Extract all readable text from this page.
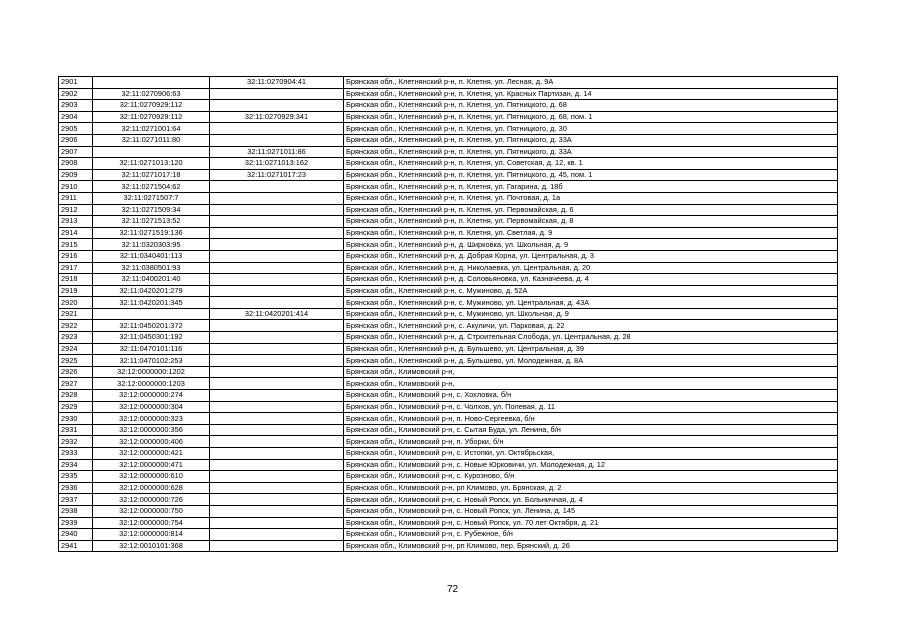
2901		32:11:0270904:41	Брянская обл., Клетнянский р-н, п. Клетня, ул. Лесная, д. 9А
2902	32:11:0270906:63		Брянская обл., Клетнянский р-н, п. Клетня, ул. Красных Партизан, д. 14
2903	32:11:0270929:112		Брянская обл., Клетнянский р-н, п. Клетня, ул. Пятницкого, д. 68
2904	32:11:0270929:112	32:11:0270929:341	Брянская обл., Клетнянский р-н, п. Клетня, ул. Пятницкого, д. 68, пом. 1
2905	32:11:0271001:64		Брянская обл., Клетнянский р-н, п. Клетня, ул. Пятницкого, д. 30
2906	32:11:0271011:80		Брянская обл., Клетнянский р-н, п. Клетня, ул. Пятницкого, д. 33А
2907		32:11:0271011:86	Брянская обл., Клетнянский р-н, п. Клетня, ул. Пятницкого, д. 33А
2908	32:11:0271013:120	32:11:0271013:162	Брянская обл., Клетнянский р-н, п. Клетня, ул. Советская, д. 12, кв. 1
2909	32:11:0271017:18	32:11:0271017:23	Брянская обл., Клетнянский р-н, п. Клетня, ул. Пятницкого, д. 45, пом. 1
2910	32:11:0271504:62		Брянская обл., Клетнянский р-н, п. Клетня, ул. Гагарина, д. 18б
2911	32:11:0271507:7		Брянская обл., Клетнянский р-н, п. Клетня, ул. Почтовая, д. 1а
2912	32:11:0271509:34		Брянская обл., Клетнянский р-н, п. Клетня, ул. Первомайская, д. 6
2913	32:11:0271513:52		Брянская обл., Клетнянский р-н, п. Клетня, ул. Первомайская, д. 8
2914	32:11:0271519:136		Брянская обл., Клетнянский р-н, п. Клетня, ул. Светлая, д. 9
2915	32:11:0320303:95		Брянская обл., Клетнянский р-н, д. Ширковка, ул. Школьная, д. 9
2916	32:11:0340401:113		Брянская обл., Клетнянский р-н, д. Добрая Корна, ул. Центральная, д. 3
2917	32:11:0380501:93		Брянская обл., Клетнянский р-н, д. Николаевка, ул. Центральная, д. 20
2918	32:11:0400201:40		Брянская обл., Клетнянский р-н, д. Соловьяновка, ул. Казначеева, д. 4
2919	32:11:0420201:279		Брянская обл., Клетнянский р-н, с. Мужиново, д. 52А
2920	32:11:0420201:345		Брянская обл., Клетнянский р-н, с. Мужиново, ул. Центральная, д. 43А
2921		32:11:0420201:414	Брянская обл., Клетнянский р-н, с. Мужиново, ул. Школьная, д. 9
2922	32:11:0450201:372		Брянская обл., Клетнянский р-н, с. Акуличи, ул. Парковая, д. 22
2923	32:11:0450301:192		Брянская обл., Клетнянский р-н, д. Строительная Слобода, ул. Центральная, д. 28
2924	32:11:0470101:116		Брянская обл., Клетнянский р-н, д. Бульшево, ул. Центральная, д. 39
2925	32:11:0470102:253		Брянская обл., Клетнянский р-н, д. Бульшево, ул. Молодежная, д. 8А
2926	32:12:0000000:1202		Брянская обл., Климовский р-н,
2927	32:12:0000000:1203		Брянская обл., Климовский р-н,
2928	32:12:0000000:274		Брянская обл., Климовский р-н, с. Хохловка, б/н
2929	32:12:0000000:304		Брянская обл., Климовский р-н, с. Чолхов, ул. Полевая, д. 11
2930	32:12:0000000:323		Брянская обл., Климовский р-н, п. Ново-Сергеевка, б/н
2931	32:12:0000000:356		Брянская обл., Климовский р-н, с. Сытая Буда, ул. Ленина, б/н
2932	32:12:0000000:406		Брянская обл., Климовский р-н, п. Уборки, б/н
2933	32:12:0000000:421		Брянская обл., Климовский р-н, с. Истопки, ул. Октябрьская,
2934	32:12:0000000:471		Брянская обл., Климовский р-н, с. Новые Юрковичи, ул. Молодежная, д. 12
2935	32:12:0000000:610		Брянская обл., Климовский р-н, с. Курозново, б/н
2936	32:12:0000000:628		Брянская обл., Климовский р-н, рп Климово, ул. Брянская, д. 2
2937	32:12:0000000:726		Брянская обл., Климовский р-н, с. Новый Ропск, ул. Больничная, д. 4
2938	32:12:0000000:750		Брянская обл., Климовский р-н, с. Новый Ропск, ул. Ленина, д. 145
2939	32:12:0000000:754		Брянская обл., Климовский р-н, с. Новый Ропск, ул. 70 лет Октября, д. 21
2940	32:12:0000000:814		Брянская обл., Климовский р-н, с. Рубежное, б/н
2941	32:12:0010101:368		Брянская обл., Климовский р-н, рп Климово, пер. Брянский, д. 26
72
